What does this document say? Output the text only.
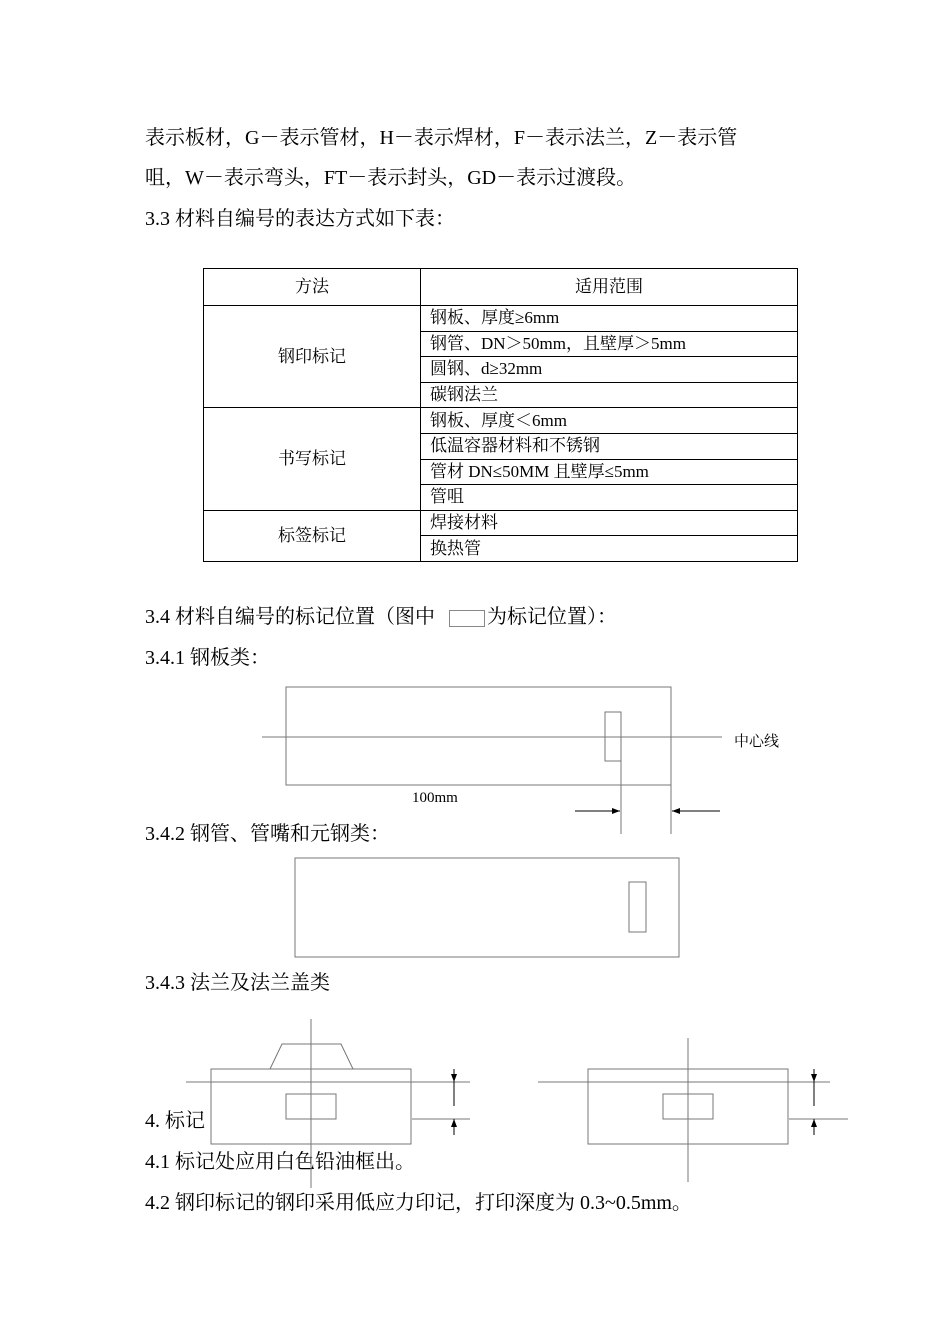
表示板材，G－表示管材，H－表示焊材，F－表示法兰，Z－表示管

咀，W－表示弯头，FT－表示封头，GD－表示过渡段。

3.3 材料自编号的表达方式如下表：

方法	适用范围
钢印标记	钢板、厚度≥6mm
	钢管、DN＞50mm，且壁厚＞5mm
	圆钢、d≥32mm
	碳钢法兰
书写标记	钢板、厚度＜6mm
	低温容器材料和不锈钢
	管材 DN≤50MM 且壁厚≤5mm
	管咀
标签标记	焊接材料
	换热管

3.4 材料自编号的标记位置（图中	为标记位置）：

3.4.1 钢板类：

3.4.2 钢管、管嘴和元钢类：

3.4.3 法兰及法兰盖类

4. 标记

4.1 标记处应用白色铅油框出。

4.2 钢印标记的钢印采用低应力印记，打印深度为 0.3~0.5mm。

中心线
100mm
